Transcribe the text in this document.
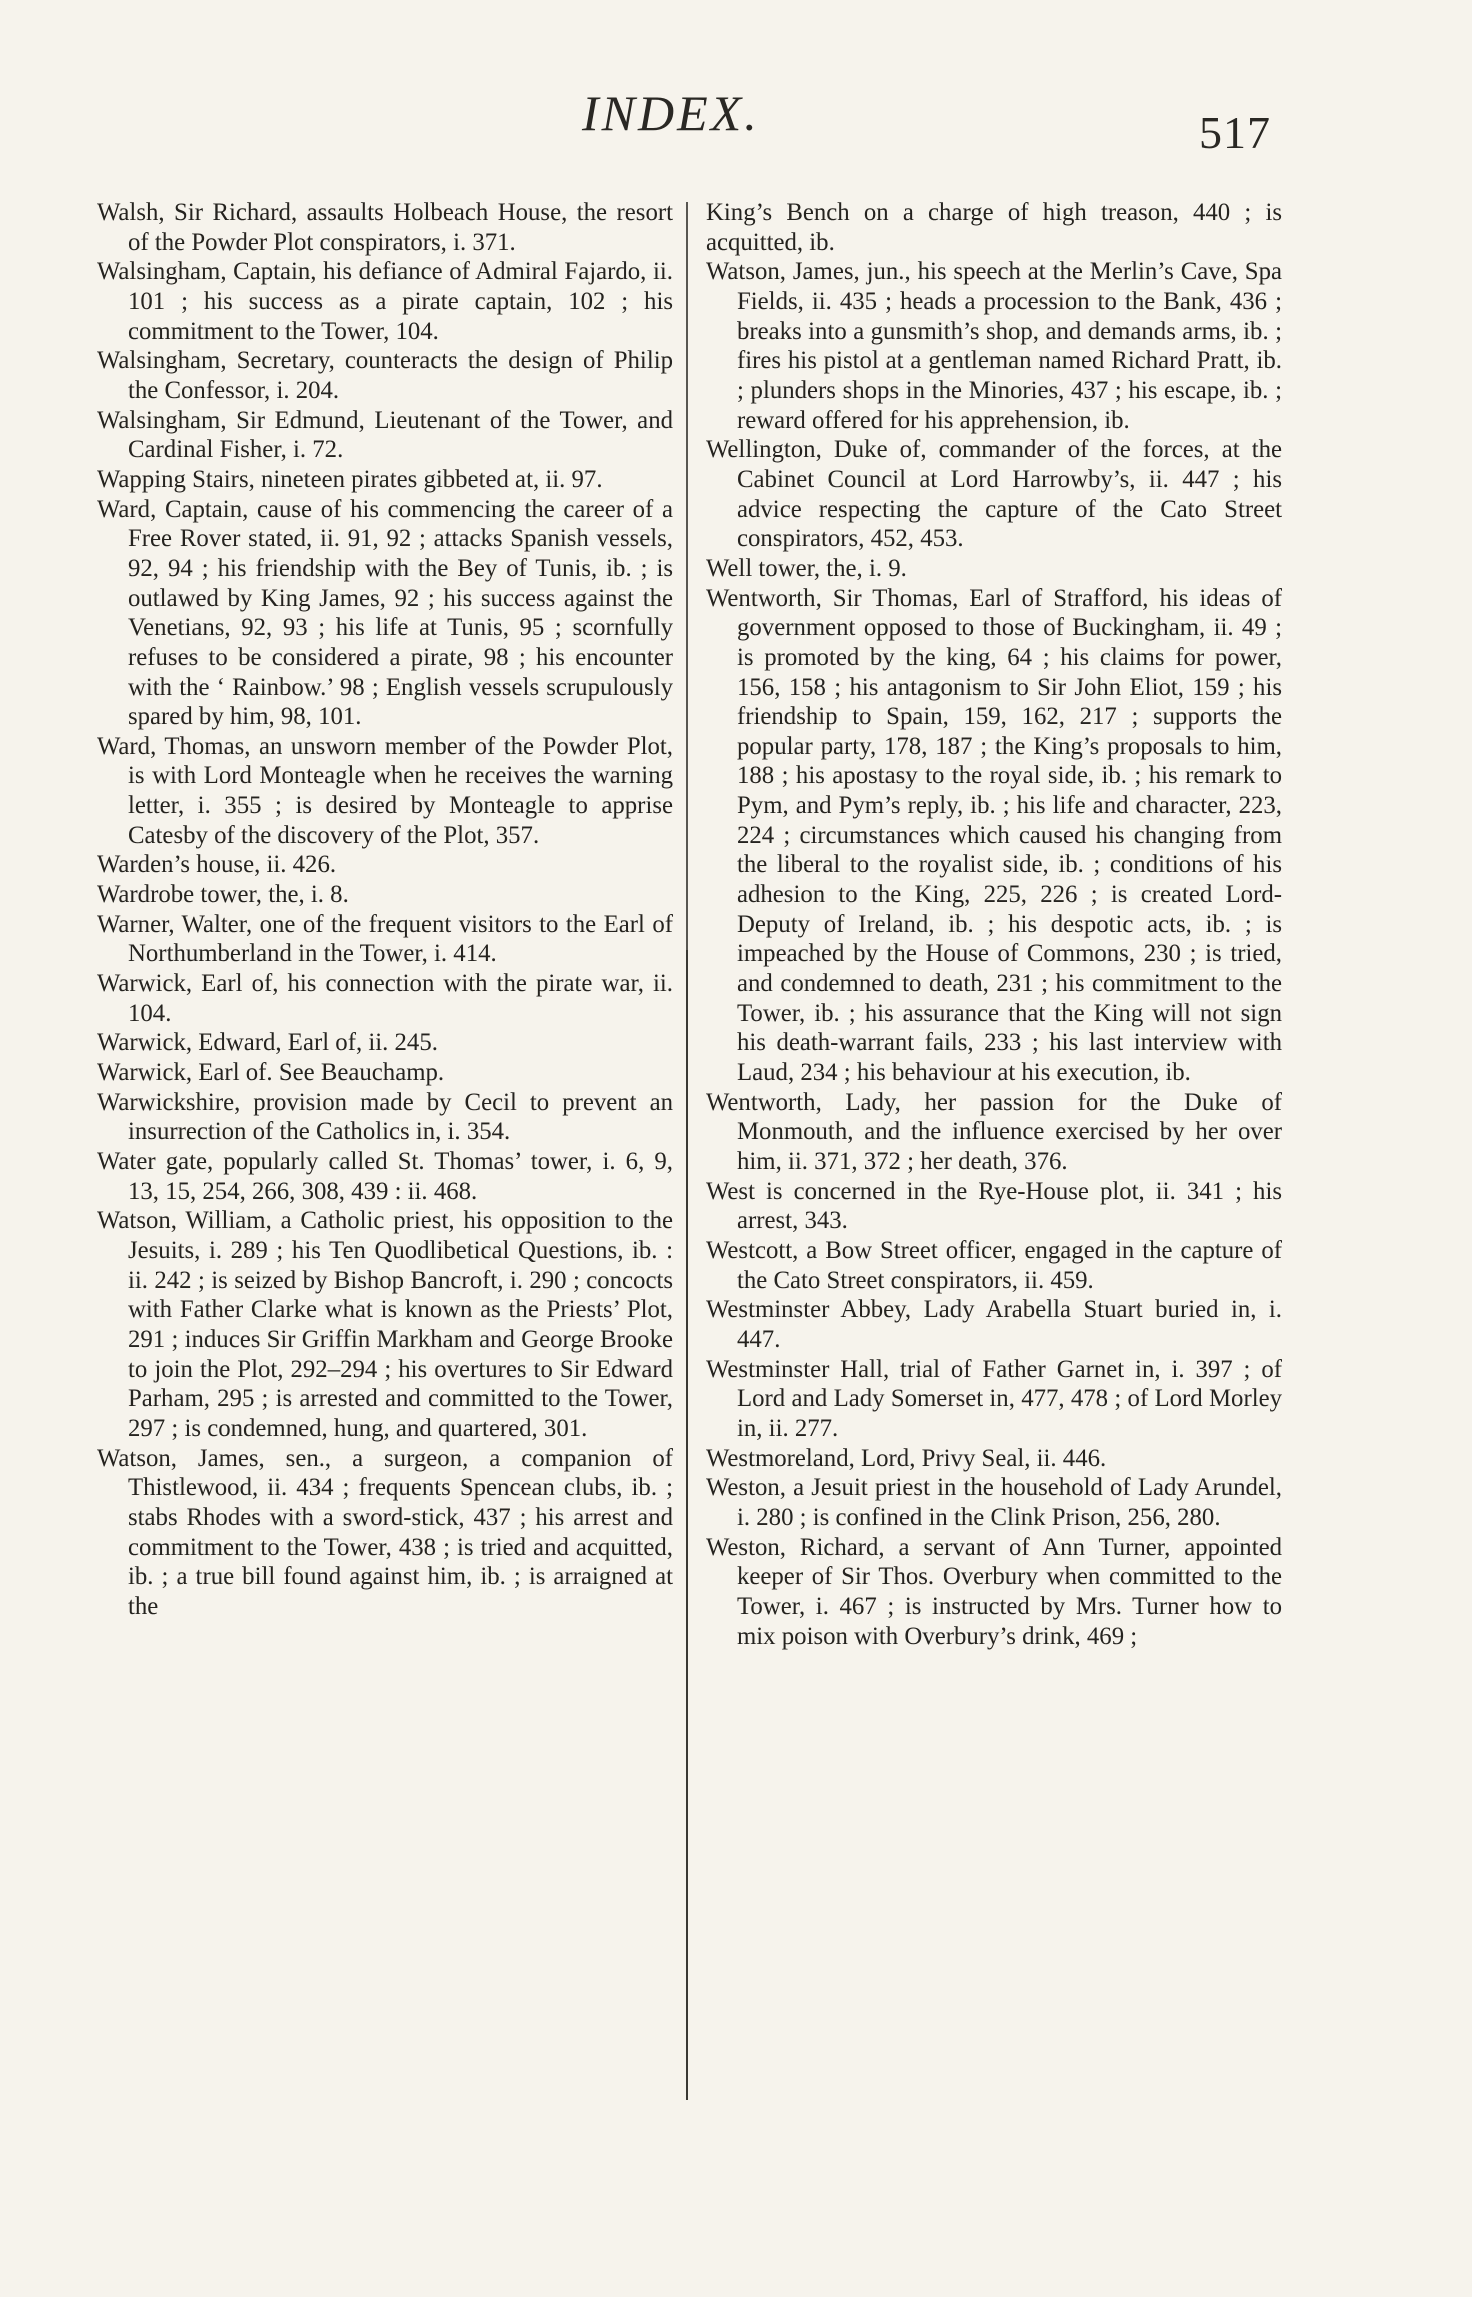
INDEX.	517

Walsh, Sir Richard, assaults Holbeach House, the resort of the Powder Plot conspirators, i. 371.

Walsingham, Captain, his defiance of Admiral Fajardo, ii. 101 ; his success as a pirate captain, 102 ; his commitment to the Tower, 104.

Walsingham, Secretary, counteracts the design of Philip the Confessor, i. 204.

Walsingham, Sir Edmund, Lieutenant of the Tower, and Cardinal Fisher, i. 72.

Wapping Stairs, nineteen pirates gibbeted at, ii. 97.

Ward, Captain, cause of his commencing the career of a Free Rover stated, ii. 91, 92 ; attacks Spanish vessels, 92, 94 ; his friendship with the Bey of Tunis, ib. ; is outlawed by King James, 92 ; his success against the Venetians, 92, 93 ; his life at Tunis, 95 ; scornfully refuses to be considered a pirate, 98 ; his encounter with the ‘ Rainbow.’ 98 ; English vessels scrupulously spared by him, 98, 101.

Ward, Thomas, an unsworn member of the Powder Plot, is with Lord Monteagle when he receives the warning letter, i. 355 ; is desired by Monteagle to apprise Catesby of the discovery of the Plot, 357.

Warden’s house, ii. 426.

Wardrobe tower, the, i. 8.

Warner, Walter, one of the frequent visitors to the Earl of Northumberland in the Tower, i. 414.

Warwick, Earl of, his connection with the pirate war, ii. 104.

Warwick, Edward, Earl of, ii. 245.

Warwick, Earl of. See Beauchamp.

Warwickshire, provision made by Cecil to prevent an insurrection of the Catholics in, i. 354.

Water gate, popularly called St. Thomas’ tower, i. 6, 9, 13, 15, 254, 266, 308, 439 : ii. 468.

Watson, William, a Catholic priest, his opposition to the Jesuits, i. 289 ; his Ten Quodlibetical Questions, ib. : ii. 242 ; is seized by Bishop Bancroft, i. 290 ; concocts with Father Clarke what is known as the Priests’ Plot, 291 ; induces Sir Griffin Markham and George Brooke to join the Plot, 292–294 ; his overtures to Sir Edward Parham, 295 ; is arrested and committed to the Tower, 297 ; is condemned, hung, and quartered, 301.

Watson, James, sen., a surgeon, a companion of Thistlewood, ii. 434 ; frequents Spencean clubs, ib. ; stabs Rhodes with a sword-stick, 437 ; his arrest and commitment to the Tower, 438 ; is tried and acquitted, ib. ; a true bill found against him, ib. ; is arraigned at the

King’s Bench on a charge of high treason, 440 ; is acquitted, ib.

Watson, James, jun., his speech at the Merlin’s Cave, Spa Fields, ii. 435 ; heads a procession to the Bank, 436 ; breaks into a gunsmith’s shop, and demands arms, ib. ; fires his pistol at a gentleman named Richard Pratt, ib. ; plunders shops in the Minories, 437 ; his escape, ib. ; reward offered for his apprehension, ib.

Wellington, Duke of, commander of the forces, at the Cabinet Council at Lord Harrowby’s, ii. 447 ; his advice respecting the capture of the Cato Street conspirators, 452, 453.

Well tower, the, i. 9.

Wentworth, Sir Thomas, Earl of Strafford, his ideas of government opposed to those of Buckingham, ii. 49 ; is promoted by the king, 64 ; his claims for power, 156, 158 ; his antagonism to Sir John Eliot, 159 ; his friendship to Spain, 159, 162, 217 ; supports the popular party, 178, 187 ; the King’s proposals to him, 188 ; his apostasy to the royal side, ib. ; his remark to Pym, and Pym’s reply, ib. ; his life and character, 223, 224 ; circumstances which caused his changing from the liberal to the royalist side, ib. ; conditions of his adhesion to the King, 225, 226 ; is created Lord-Deputy of Ireland, ib. ; his despotic acts, ib. ; is impeached by the House of Commons, 230 ; is tried, and condemned to death, 231 ; his commitment to the Tower, ib. ; his assurance that the King will not sign his death-warrant fails, 233 ; his last interview with Laud, 234 ; his behaviour at his execution, ib.

Wentworth, Lady, her passion for the Duke of Monmouth, and the influence exercised by her over him, ii. 371, 372 ; her death, 376.

West is concerned in the Rye-House plot, ii. 341 ; his arrest, 343.

Westcott, a Bow Street officer, engaged in the capture of the Cato Street conspirators, ii. 459.

Westminster Abbey, Lady Arabella Stuart buried in, i. 447.

Westminster Hall, trial of Father Garnet in, i. 397 ; of Lord and Lady Somerset in, 477, 478 ; of Lord Morley in, ii. 277.

Westmoreland, Lord, Privy Seal, ii. 446.

Weston, a Jesuit priest in the household of Lady Arundel, i. 280 ; is confined in the Clink Prison, 256, 280.

Weston, Richard, a servant of Ann Turner, appointed keeper of Sir Thos. Overbury when committed to the Tower, i. 467 ; is instructed by Mrs. Turner how to mix poison with Overbury’s drink, 469 ;
